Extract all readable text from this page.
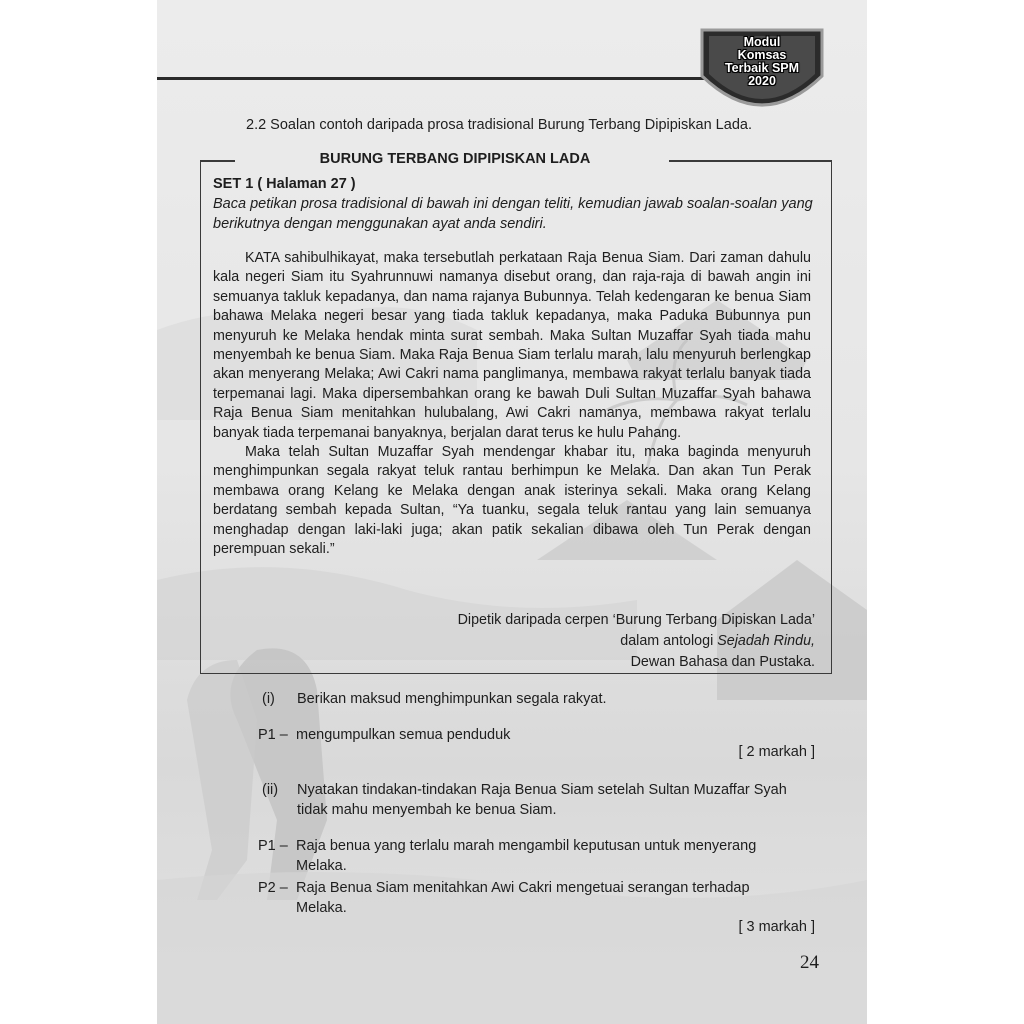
Modul
Komsas
Terbaik SPM
2020
2.2 Soalan contoh daripada prosa tradisional Burung Terbang Dipipiskan Lada.
BURUNG TERBANG DIPIPISKAN LADA
SET 1 ( Halaman 27 )
Baca petikan prosa tradisional di bawah ini dengan teliti, kemudian jawab soalan-soalan yang berikutnya dengan menggunakan ayat anda sendiri.

KATA sahibulhikayat, maka tersebutlah perkataan Raja Benua Siam. Dari zaman dahulu kala negeri Siam itu Syahrunnuwi namanya disebut orang, dan raja-raja di bawah angin ini semuanya takluk kepadanya, dan nama rajanya Bubunnya. Telah kedengaran ke benua Siam bahawa Melaka negeri besar yang tiada takluk kepadanya, maka Paduka Bubunnya pun menyuruh ke Melaka hendak minta surat sembah. Maka Sultan Muzaffar Syah tiada mahu menyembah ke benua Siam. Maka Raja Benua Siam terlalu marah, lalu menyuruh berlengkap akan menyerang Melaka; Awi Cakri nama panglimanya, membawa rakyat terlalu banyak tiada terpemanai lagi. Maka dipersembahkan orang ke bawah Duli Sultan Muzaffar Syah bahawa Raja Benua Siam menitahkan hulubalang, Awi Cakri namanya, membawa rakyat terlalu banyak tiada terpemanai banyaknya, berjalan darat terus ke hulu Pahang.

Maka telah Sultan Muzaffar Syah mendengar khabar itu, maka baginda menyuruh menghimpunkan segala rakyat teluk rantau berhimpun ke Melaka. Dan akan Tun Perak membawa orang Kelang ke Melaka dengan anak isterinya sekali. Maka orang Kelang berdatang sembah kepada Sultan, “Ya tuanku, segala teluk rantau yang lain semuanya menghadap dengan laki-laki juga; akan patik sekalian dibawa oleh Tun Perak dengan perempuan sekali.”

Dipetik daripada cerpen ‘Burung Terbang Dipiskan Lada’
dalam antologi Sejadah Rindu,
Dewan Bahasa dan Pustaka.
(i) Berikan maksud menghimpunkan segala rakyat.
P1 – mengumpulkan semua penduduk
[ 2 markah ]
(ii) Nyatakan tindakan-tindakan Raja Benua Siam setelah Sultan Muzaffar Syah tidak mahu menyembah ke benua Siam.
P1 – Raja benua yang terlalu marah mengambil keputusan untuk menyerang Melaka.
P2 – Raja Benua Siam menitahkan Awi Cakri mengetuai serangan terhadap Melaka.
[ 3 markah ]
24
